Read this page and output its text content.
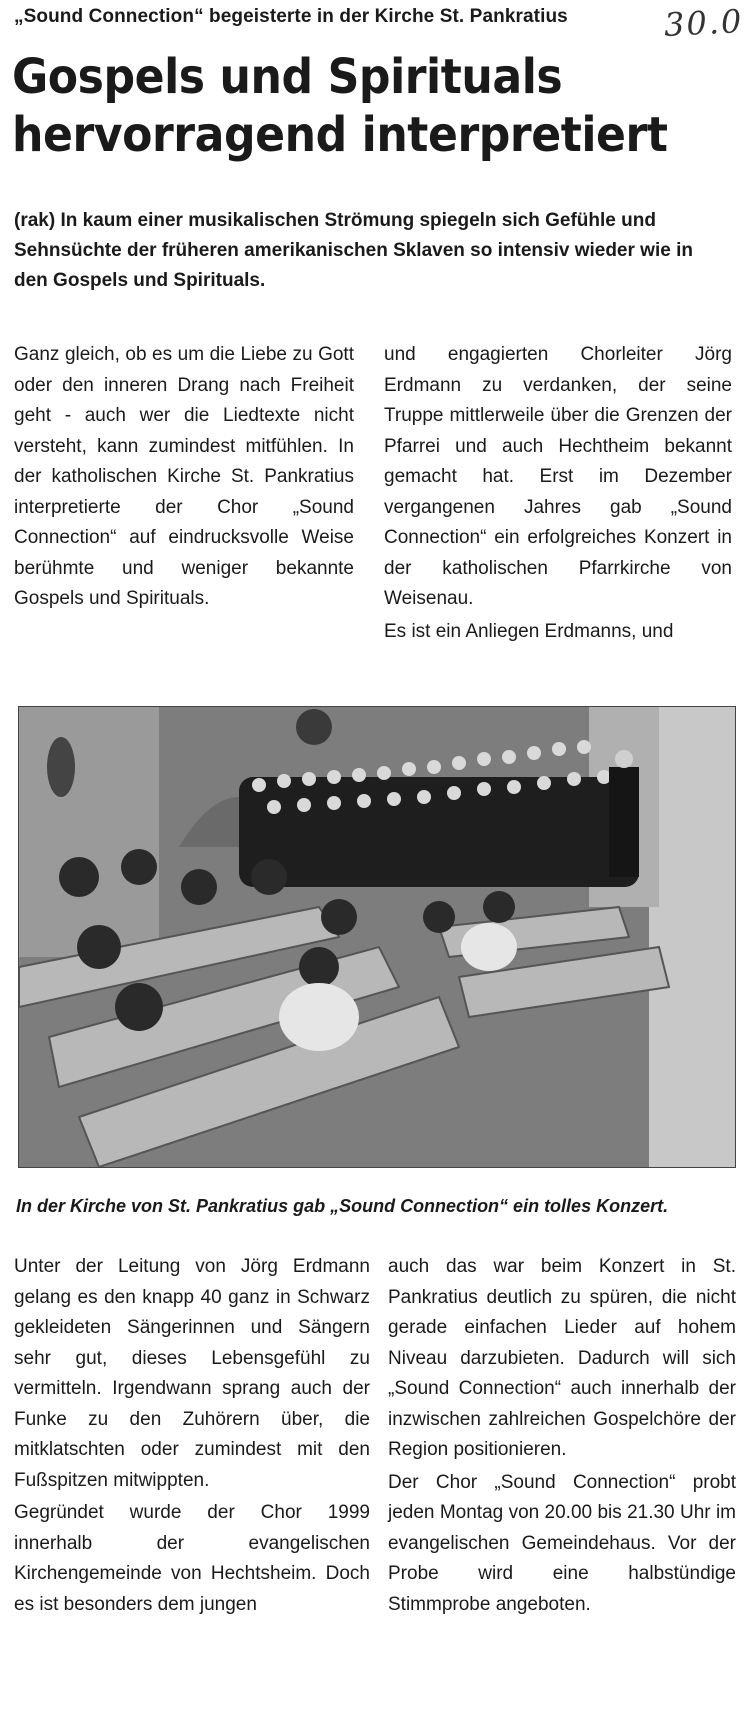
„Sound Connection“ begeisterte in der Kirche St. Pankratius	30.0
Gospels und Spirituals hervorragend interpretiert

(rak) In kaum einer musikalischen Strömung spiegeln sich Gefühle und Sehnsüchte der früheren amerikanischen Sklaven so intensiv wieder wie in den Gospels und Spirituals.

Ganz gleich, ob es um die Liebe zu Gott oder den inneren Drang nach Freiheit geht - auch wer die Liedtexte nicht versteht, kann zumindest mitfühlen. In der katholischen Kirche St. Pankratius interpretierte der Chor „Sound Connection“ auf eindrucksvolle Weise berühmte und weniger bekannte Gospels und Spirituals.

und engagierten Chorleiter Jörg Erdmann zu verdanken, der seine Truppe mittlerweile über die Grenzen der Pfarrei und auch Hechtheim bekannt gemacht hat. Erst im Dezember vergangenen Jahres gab „Sound Connection“ ein erfolgreiches Konzert in der katholischen Pfarrkirche von Weisenau.

Es ist ein Anliegen Erdmanns, und

In der Kirche von St. Pankratius gab „Sound Connection“ ein tolles Konzert.

Unter der Leitung von Jörg Erdmann gelang es den knapp 40 ganz in Schwarz gekleideten Sängerinnen und Sängern sehr gut, dieses Lebensgefühl zu vermitteln. Irgendwann sprang auch der Funke zu den Zuhörern über, die mitklatschten oder zumindest mit den Fußspitzen mitwippten.

Gegründet wurde der Chor 1999 innerhalb der evangelischen Kirchengemeinde von Hechtsheim. Doch es ist besonders dem jungen

auch das war beim Konzert in St. Pankratius deutlich zu spüren, die nicht gerade einfachen Lieder auf hohem Niveau darzubieten. Dadurch will sich „Sound Connection“ auch innerhalb der inzwischen zahlreichen Gospelchöre der Region positionieren.

Der Chor „Sound Connection“ probt jeden Montag von 20.00 bis 21.30 Uhr im evangelischen Gemeindehaus. Vor der Probe wird eine halbstündige Stimmprobe angeboten.
